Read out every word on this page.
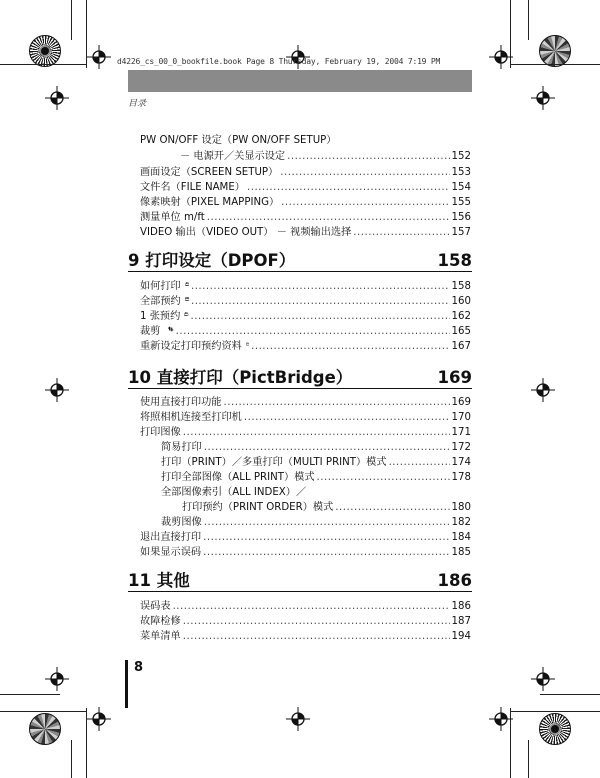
d4226_cs_00_0_bookfile.book Page 8 Thursday, February 19, 2004 7:19 PM
目录
PW ON/OFF 设定（PW ON/OFF SETUP）
－ 电源开／关显示设定 .....	152
画面设定（SCREEN SETUP） .....	153
文件名（FILE NAME） .....	154
像素映射（PIXEL MAPPING） .....	155
测量单位 m/ft .....	156
VIDEO 输出（VIDEO OUT） － 视频输出选择 .....	157
9 打印设定（DPOF）	158
如何打印 .....	158
全部预约 .....	160
1 张预约 .....	162
裁剪 .....	165
重新设定打印预约资料 .....	167
10 直接打印（PictBridge）	169
使用直接打印功能 .....	169
将照相机连接至打印机 .....	170
打印图像 .....	171
简易打印 .....	172
打印（PRINT）／多重打印（MULTI PRINT）模式 .....	174
打印全部图像（ALL PRINT）模式 .....	178
全部图像索引（ALL INDEX）／
打印预约（PRINT ORDER）模式 .....	180
裁剪图像 .....	182
退出直接打印 .....	184
如果显示误码 .....	185
11 其他	186
误码表 .....	186
故障检修 .....	187
菜单清单 .....	194
8
